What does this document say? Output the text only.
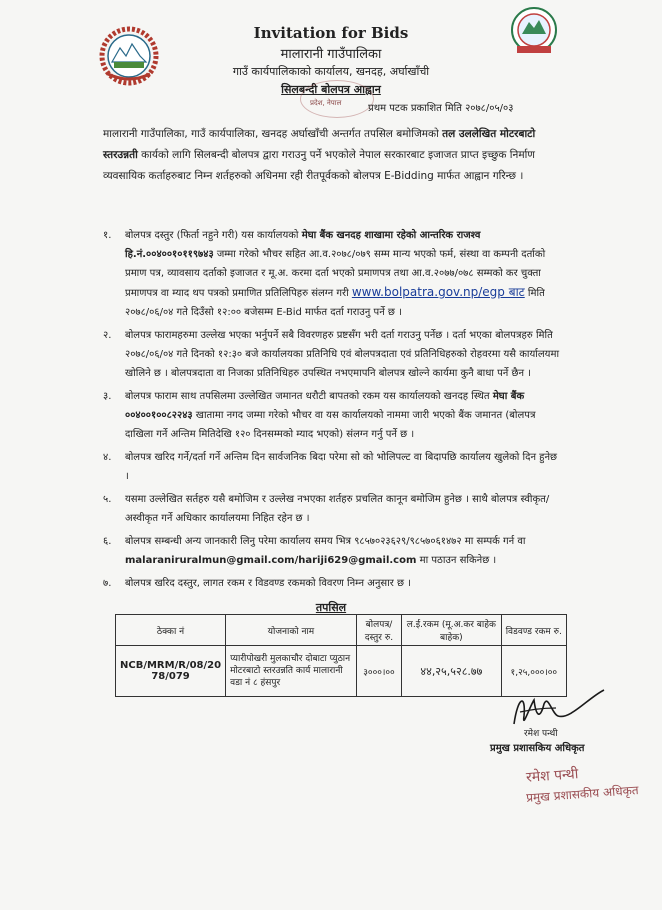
Invitation for Bids
मालारानी गाउँपालिका
गाउँ कार्यपालिकाको कार्यालय, खनदह, अर्घाखाँची
सिलबन्दी बोलपत्र आह्वान
प्रदेश, नेपाल	प्रथम पटक प्रकाशित मिति २०७८/०५/०३
मालारानी गाउँपालिका, गाउँ कार्यपालिका, खनदह अर्घाखाँची अन्तर्गत तपसिल बमोजिमको तल उललेखित मोटरबाटो स्तरउन्नती कार्यको लागि सिलबन्दी बोलपत्र द्वारा गराउनु पर्ने भएकोले नेपाल सरकारबाट इजाजत प्राप्त इच्छुक निर्माण व्यवसायिक कर्ताहरुबाट निम्न शर्तहरुको अधिनमा रही रीतपूर्वकको बोलपत्र E-Bidding मार्फत आह्वान गरिन्छ ।
१. बोलपत्र दस्तुर (फिर्ता नहुने गरी) यस कार्यालयको मेघा बैंक खनदह शाखामा रहेको आन्तरिक राजश्व हि.नं.००४००१०११९७४३ जम्मा गरेको भौचर सहित आ.व.२०७८/०७९ सम्म मान्य भएको फर्म, संस्था वा कम्पनी दर्ताको प्रमाण पत्र, व्यावसाय दर्ताको इजाजत र मू.अ. करमा दर्ता भएको प्रमाणपत्र तथा आ.व.२०७७/०७८ सम्मको कर चुक्ता प्रमाणपत्र वा म्याद थप पत्रको प्रमाणित प्रतिलिपिहरु संलग्न गरी www.bolpatra.gov.np/egp बाट मिति २०७८/०६/०४ गते दिउँसो १२:०० बजेसम्म E-Bid मार्फत दर्ता गराउनु पर्ने छ ।
२. बोलपत्र फारामहरुमा उल्लेख भएका भर्नुपर्ने सबै विवरणहरु प्रष्टसँग भरी दर्ता गराउनु पर्नेछ । दर्ता भएका बोलपत्रहरु मिति २०७८/०६/०४ गते दिनको १२:३० बजे कार्यालयका प्रतिनिधि एवं बोलपत्रदाता एवं प्रतिनिधिहरुको रोहवरमा यसै कार्यालयमा खोलिने छ । बोलपत्रदाता वा निजका प्रतिनिधिहरु उपस्थित नभएमापनि बोलपत्र खोल्ने कार्यमा कुनै बाधा पर्ने छैन ।
३. बोलपत्र फाराम साथ तपसिलमा उल्लेखित जमानत धरौटी बापतको रकम यस कार्यालयको खनदह स्थित मेघा बैंक ००४००१००८२२४३ खातामा नगद जम्मा गरेको भौचर वा यस कार्यालयको नाममा जारी भएको बैंक जमानत (बोलपत्र दाखिला गर्ने अन्तिम मितिदेखि १२० दिनसम्मको म्याद भएको) संलग्न गर्नु पर्ने छ ।
४. बोलपत्र खरिद गर्ने/दर्ता गर्ने अन्तिम दिन सार्वजनिक बिदा परेमा सो को भोलिपल्ट वा बिदापछि कार्यालय खुलेको दिन हुनेछ ।
५. यसमा उल्लेखित सर्तहरु यसै बमोजिम र उल्लेख नभएका शर्तहरु प्रचलित कानून बमोजिम हुनेछ । साथै बोलपत्र स्वीकृत/अस्वीकृत गर्ने अधिकार कार्यालयमा निहित रहेन छ ।
६. बोलपत्र सम्बन्धी अन्य जानकारी लिनु परेमा कार्यालय समय भित्र ९८५७०२३६२९/९८५७०६१४७२ मा सम्पर्क गर्न वा malaraniruralmun@gmail.com/hariji629@gmail.com मा पठाउन सकिनेछ ।
७. बोलपत्र खरिद दस्तुर, लागत रकम र विडवण्ड रकमको विवरण निम्न अनुसार छ ।
तपसिल
ठेक्का नं	योजनाको नाम	बोलपत्र/ दस्तुर रु.	ल.ई.रकम (मू.अ.कर बाहेक बाहेक)	विडवण्ड रकम रु.
NCB/MRM/R/08/20 78/079	प्यारीपोखरी मुलकाचौर दोबाटा प्युठान मोटरबाटो स्तरउन्नति कार्य मालारानी वडा नं ८ हंसपुर	३०००।००	४४,२५,५२८.७७	१,२५,०००।००
रमेश पन्थी
प्रमुख प्रशासकिय अधिकृत
रमेश पन्थी
प्रमुख प्रशासकीय अधिकृत
